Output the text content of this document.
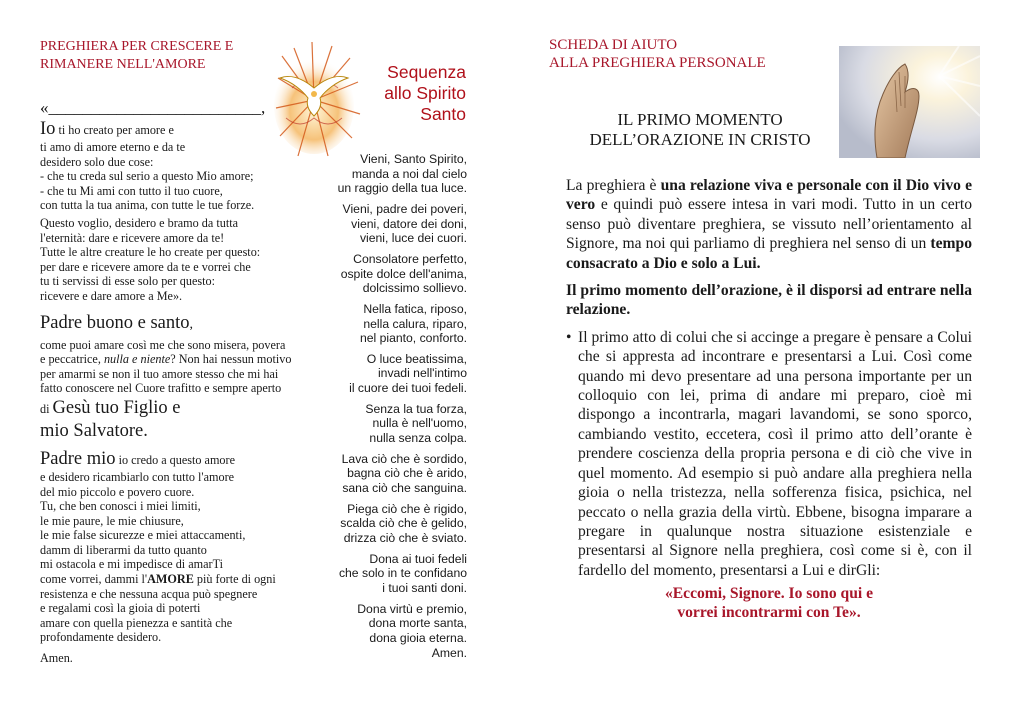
PREGHIERA PER CRESCERE E
RIMANERE NELL'AMORE
«_________________________,

Io ti ho creato per amore e

ti amo di amore eterno e da te

desidero solo due cose:

- che tu creda sul serio a questo Mio amore;

- che tu Mi ami con tutto il tuo cuore,

con tutta la tua anima, con tutte le tue forze.

Questo voglio, desidero e bramo da tutta

l'eternità: dare e ricevere amore da te!

Tutte le altre creature le ho create per questo:

per dare e ricevere amore da te e vorrei che

tu ti servissi di esse solo per questo:

ricevere e dare amore a Me».

Padre buono e santo,

come puoi amare così me che sono misera, povera

e peccatrice, nulla e niente? Non hai nessun motivo

per amarmi se non il tuo amore stesso che mi hai

fatto conoscere nel Cuore trafitto e sempre aperto

di Gesù tuo Figlio e

mio Salvatore.

Padre mio io credo a questo amore

e desidero ricambiarlo con tutto l'amore

del mio piccolo e povero cuore.

Tu, che ben conosci i miei limiti,

le mie paure, le mie chiusure,

le mie false sicurezze e miei attaccamenti,

damm di liberarmi da tutto quanto

mi ostacola e mi impedisce di amarTi

come vorrei, dammi l'AMORE più forte di ogni

resistenza e che nessuna acqua può spegnere

e regalami così la gioia di poterti

amare con quella pienezza e santità che

profondamente desidero.

Amen.

Sequenza
allo Spirito
Santo
Vieni, Santo Spirito,
manda a noi dal cielo
un raggio della tua luce.
Vieni, padre dei poveri,
vieni, datore dei doni,
vieni, luce dei cuori.
Consolatore perfetto,
ospite dolce dell'anima,
dolcissimo sollievo.
Nella fatica, riposo,
nella calura, riparo,
nel pianto, conforto.
O luce beatissima,
invadi nell'intimo
il cuore dei tuoi fedeli.
Senza la tua forza,
nulla è nell'uomo,
nulla senza colpa.
Lava ciò che è sordido,
bagna ciò che è arido,
sana ciò che sanguina.
Piega ciò che è rigido,
scalda ciò che è gelido,
drizza ciò che è sviato.
Dona ai tuoi fedeli
che solo in te confidano
i tuoi santi doni.
Dona virtù e premio,
dona morte santa,
dona gioia eterna.
Amen.
SCHEDA DI AIUTO
ALLA PREGHIERA PERSONALE
IL PRIMO MOMENTO
DELL’ORAZIONE IN CRISTO

La preghiera è una relazione viva e personale con il Dio vivo e vero e quindi può essere intesa in vari modi. Tutto in un certo senso può diventare preghiera, se vissuto nell’orientamento al Signore, ma noi qui parliamo di preghiera nel senso di un tempo consacrato a Dio e solo a Lui.

Il primo momento dell’orazione, è il disporsi ad entrare nella relazione.

• Il primo atto di colui che si accinge a pregare è pensare a Colui che si appresta ad incontrare e presentarsi a Lui. Così come quando mi devo presentare ad una persona importante per un colloquio con lei, prima di andare mi preparo, cioè mi dispongo a incontrarla, magari lavandomi, se sono sporco, cambiando vestito, eccetera, così il primo atto dell’orante è prendere coscienza della propria persona e di ciò che vive in quel momento. Ad esempio si può andare alla preghiera nella gioia o nella tristezza, nella sofferenza fisica, psichica, nel peccato o nella grazia della virtù. Ebbene, bisogna imparare a pregare in qualunque nostra situazione esistenziale e presentarsi al Signore nella preghiera, così come si è, con il fardello del momento, presentarsi a Lui e dirGli:
«Eccomi, Signore. Io sono qui e
vorrei incontrarmi con Te».
